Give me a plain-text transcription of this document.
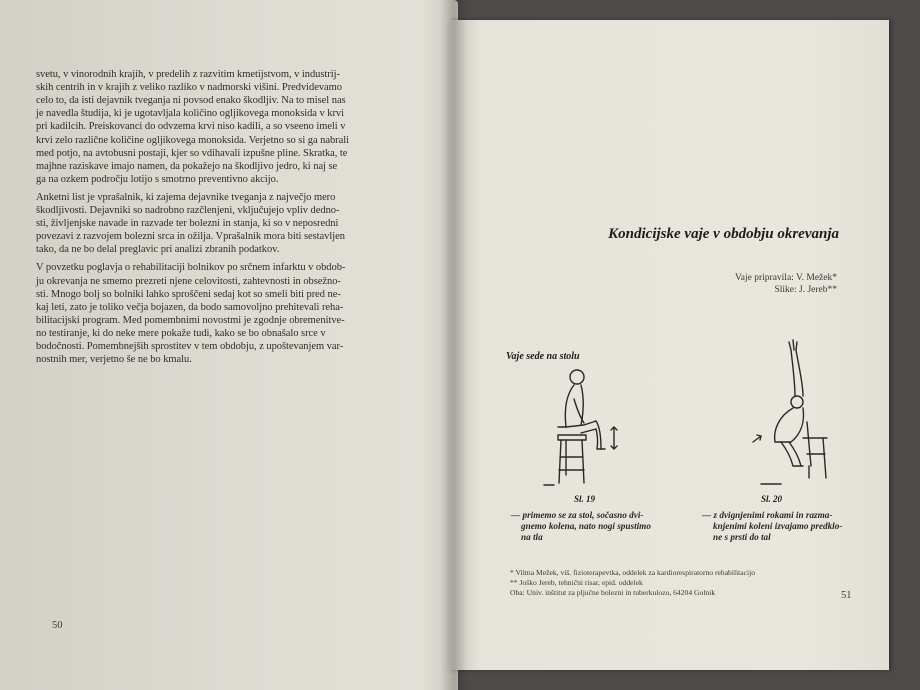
svetu, v vinorodnih krajih, v predelih z razvitim kmetijstvom, v industrij-
skih centrih in v krajih z veliko razliko v nadmorski višini. Predvidevamo
celo to, da isti dejavnik tveganja ni povsod enako škodljiv. Na to misel nas
je navedla študija, ki je ugotavljala količino ogljikovega monoksida v krvi
pri kadilcih. Preiskovanci do odvzema krvi niso kadili, a so vseeno imeli v
krvi zelo različne količine ogljikovega monoksida. Verjetno so si ga nabrali
med potjo, na avtobusni postaji, kjer so vdihavali izpušne pline. Skratka, te
majhne raziskave imajo namen, da pokažejo na škodljivo jedro, ki naj se
ga na ozkem področju lotijo s smotrno preventivno akcijo.
Anketni list je vprašalnik, ki zajema dejavnike tveganja z največjo mero
škodljivosti. Dejavniki so nadrobno razčlenjeni, vključujejo vpliv dedno-
sti, življenjske navade in razvade ter bolezni in stanja, ki so v neposredni
povezavi z razvojem bolezni srca in ožilja. Vprašalnik mora biti sestavljen
tako, da ne bo delal preglavic pri analizi zbranih podatkov.
V povzetku poglavja o rehabilitaciji bolnikov po srčnem infarktu v obdob-
ju okrevanja ne smemo prezreti njene celovitosti, zahtevnosti in obsežno-
sti. Mnogo bolj so bolniki lahko sproščeni sedaj kot so smeli biti pred ne-
kaj leti, zato je toliko večja bojazen, da bodo samovoljno prehitevali reha-
bilitacijski program. Med pomembnimi novostmi je zgodnje obremenitve-
no testiranje, ki do neke mere pokaže tudi, kako se bo obnašalo srce v
bodočnosti. Pomembnejših sprostitev v tem obdobju, z upoštevanjem var-
nostnih mer, verjetno še ne bo kmalu.
50
Kondicijske vaje v obdobju okrevanja
Vaje pripravila: V. Mežek*
Slike: J. Jereb**
Vaje sede na stolu
Sl. 19
— primemo se za stol, sočasno dvi-
gnemo kolena, nato nogi spustimo
na tla
Sl. 20
— z dvignjenimi rokami in razma-
knjenimi koleni izvajamo predklo-
ne s prsti do tal
* Vilma Mežek, viš. fizioterapevtka, oddelek za kardiorespiratorno rehabilitacijo
** Joško Jereb, tehnični risar, epid. oddelek
Oba: Univ. inštitut za pljučne bolezni in tuberkulozo, 64204 Golnik	51
